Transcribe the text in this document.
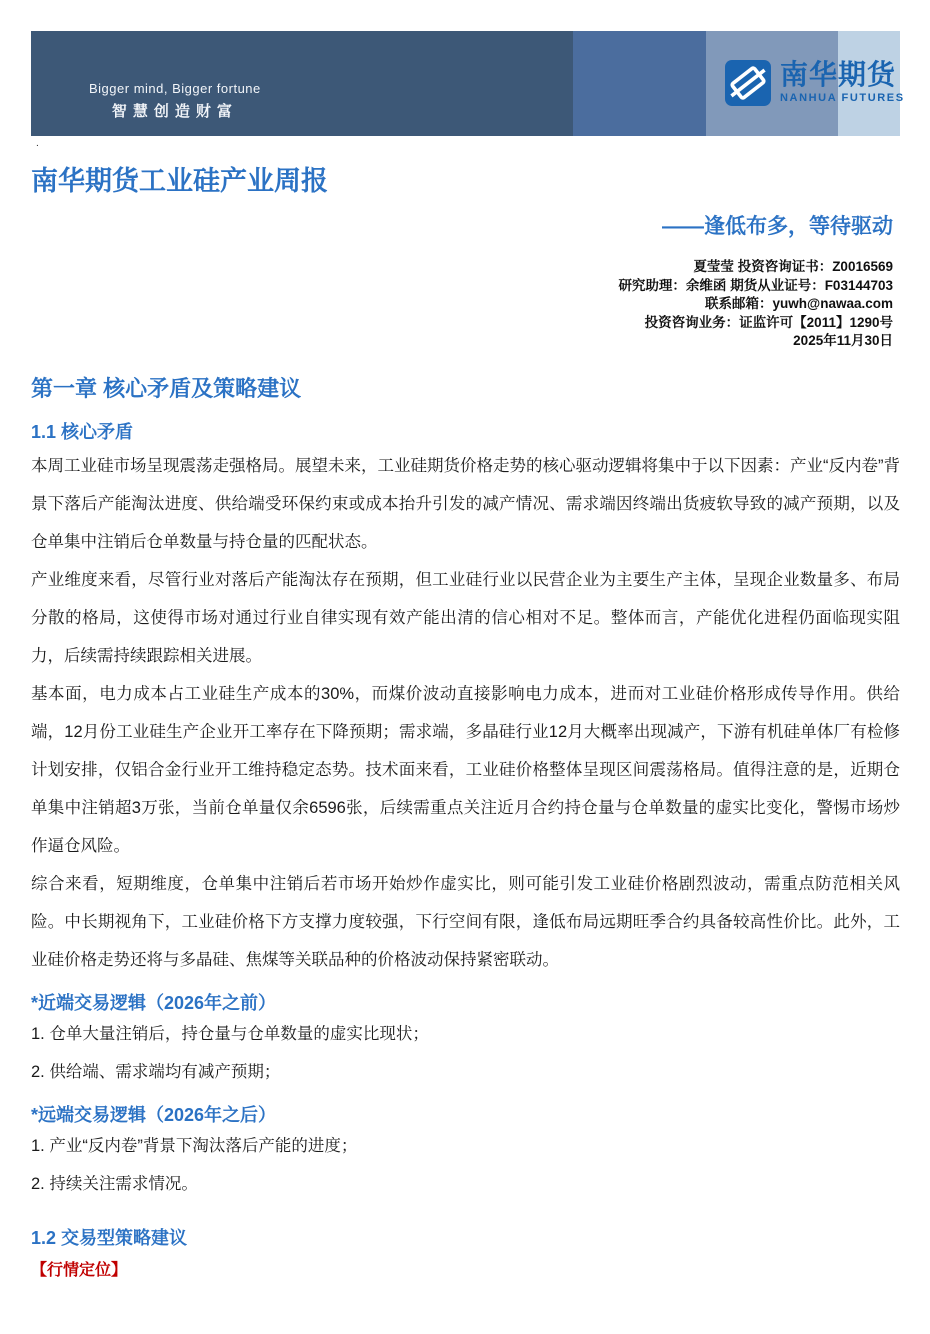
Bigger mind, Bigger fortune
智慧创造财富
南华期货
NANHUA FUTURES
.
南华期货工业硅产业周报
——逢低布多，等待驱动
夏莹莹 投资咨询证书：Z0016569
研究助理：余维函 期货从业证号：F03144703
联系邮箱：yuwh@nawaa.com
投资咨询业务：证监许可【2011】1290号
2025年11月30日
第一章 核心矛盾及策略建议
1.1 核心矛盾

本周工业硅市场呈现震荡走强格局。展望未来，工业硅期货价格走势的核心驱动逻辑将集中于以下因素：产业“反内卷”背景下落后产能淘汰进度、供给端受环保约束或成本抬升引发的减产情况、需求端因终端出货疲软导致的减产预期，以及仓单集中注销后仓单数量与持仓量的匹配状态。

产业维度来看，尽管行业对落后产能淘汰存在预期，但工业硅行业以民营企业为主要生产主体，呈现企业数量多、布局分散的格局，这使得市场对通过行业自律实现有效产能出清的信心相对不足。整体而言，产能优化进程仍面临现实阻力，后续需持续跟踪相关进展。

基本面，电力成本占工业硅生产成本的30%，而煤价波动直接影响电力成本，进而对工业硅价格形成传导作用。供给端，12月份工业硅生产企业开工率存在下降预期；需求端，多晶硅行业12月大概率出现减产，下游有机硅单体厂有检修计划安排，仅铝合金行业开工维持稳定态势。技术面来看，工业硅价格整体呈现区间震荡格局。值得注意的是，近期仓单集中注销超3万张，当前仓单量仅余6596张，后续需重点关注近月合约持仓量与仓单数量的虚实比变化，警惕市场炒作逼仓风险。

综合来看，短期维度，仓单集中注销后若市场开始炒作虚实比，则可能引发工业硅价格剧烈波动，需重点防范相关风险。中长期视角下，工业硅价格下方支撑力度较强，下行空间有限，逢低布局远期旺季合约具备较高性价比。此外，工业硅价格走势还将与多晶硅、焦煤等关联品种的价格波动保持紧密联动。

*近端交易逻辑（2026年之前）
1. 仓单大量注销后，持仓量与仓单数量的虚实比现状；
2. 供给端、需求端均有减产预期；
*远端交易逻辑（2026年之后）
1. 产业“反内卷”背景下淘汰落后产能的进度；
2. 持续关注需求情况。
1.2 交易型策略建议
【行情定位】
